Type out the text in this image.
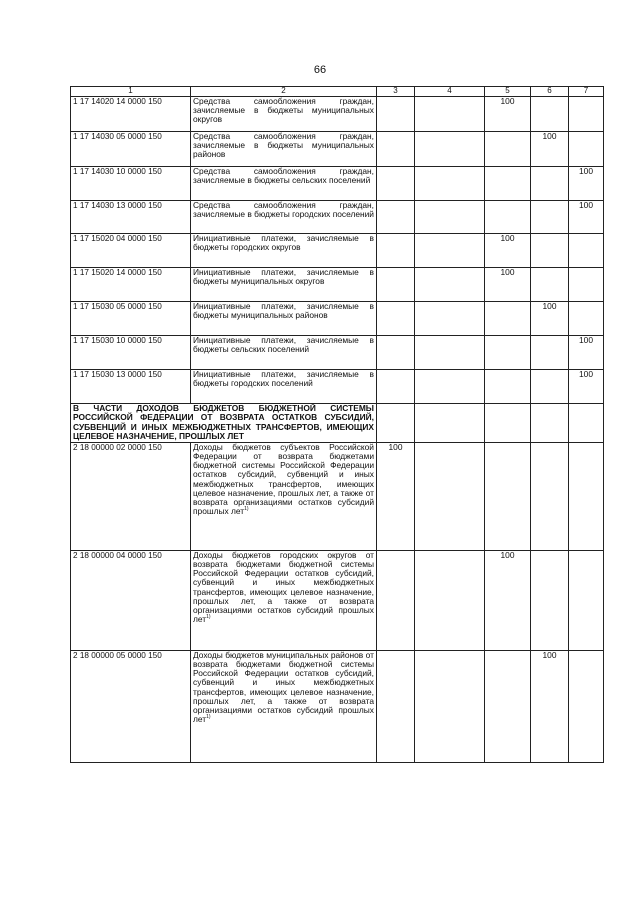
66
1	2	3	4	5	6	7
1 17 14020 14 0000 150	Средства самообложения граждан, зачисляемые в бюджеты муниципальных округов			100		
1 17 14030 05 0000 150	Средства самообложения граждан, зачисляемые в бюджеты муниципальных районов				100	
1 17 14030 10 0000 150	Средства самообложения граждан, зачисляемые в бюджеты сельских поселений					100
1 17 14030 13 0000 150	Средства самообложения граждан, зачисляемые в бюджеты городских поселений					100
1 17 15020 04 0000 150	Инициативные платежи, зачисляемые в бюджеты городских округов			100		
1 17 15020 14 0000 150	Инициативные платежи, зачисляемые в бюджеты муниципальных округов			100		
1 17 15030 05 0000 150	Инициативные платежи, зачисляемые в бюджеты муниципальных районов				100	
1 17 15030 10 0000 150	Инициативные платежи, зачисляемые в бюджеты сельских поселений					100
1 17 15030 13 0000 150	Инициативные платежи, зачисляемые в бюджеты городских поселений					100
В ЧАСТИ ДОХОДОВ БЮДЖЕТОВ БЮДЖЕТНОЙ СИСТЕМЫ РОССИЙСКОЙ ФЕДЕРАЦИИ ОТ ВОЗВРАТА ОСТАТКОВ СУБСИДИЙ, СУБВЕНЦИЙ И ИНЫХ МЕЖБЮДЖЕТНЫХ ТРАНСФЕРТОВ, ИМЕЮЩИХ ЦЕЛЕВОЕ НАЗНАЧЕНИЕ, ПРОШЛЫХ ЛЕТ						
2 18 00000 02 0000 150	Доходы бюджетов субъектов Российской Федерации от возврата бюджетами бюджетной системы Российской Федерации остатков субсидий, субвенций и иных межбюджетных трансфертов, имеющих целевое назначение, прошлых лет, а также от возврата организациями остатков субсидий прошлых лет$^{1)}$	100				
2 18 00000 04 0000 150	Доходы бюджетов городских округов от возврата бюджетами бюджетной системы Российской Федерации остатков субсидий, субвенций и иных межбюджетных трансфертов, имеющих целевое назначение, прошлых лет, а также от возврата организациями остатков субсидий прошлых лет$^{1)}$			100		
2 18 00000 05 0000 150	Доходы бюджетов муниципальных районов от возврата бюджетами бюджетной системы Российской Федерации остатков субсидий, субвенций и иных межбюджетных трансфертов, имеющих целевое назначение, прошлых лет, а также от возврата организациями остатков субсидий прошлых лет$^{1)}$				100	
